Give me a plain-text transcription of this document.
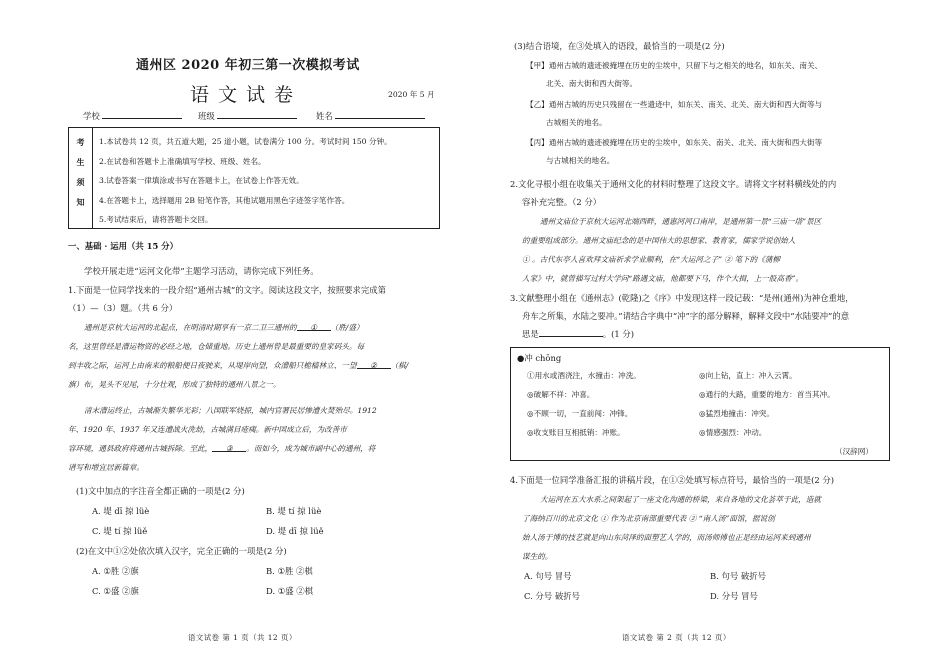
通州区 2020 年初三第一次模拟考试
语文试卷	2020 年 5 月
学校	班级	姓名
考
生
须
知
1.本试卷共 12 页，共五道大题，25 道小题，试卷满分 100 分。考试时间 150 分钟。
2.在试卷和答题卡上准确填写学校、班级、姓名。
3.试卷答案一律填涂或书写在答题卡上，在试卷上作答无效。
4.在答题卡上，选择题用 2B 铅笔作答，其他试题用黑色字迹签字笔作答。
5.考试结束后，请将答题卡交回。
一、基础 · 运用（共 15 分）
学校开展走进“运河文化带”主题学习活动，请你完成下列任务。
1.下面是一位同学找来的一段介绍“通州古城”的文字。阅读这段文字，按照要求完成第
（1）—（3）题。（共 6 分）
通州是京杭大运河的北起点，在明清时期享有一京二卫三通州的 ① （胜/盛）
名，这里曾经是漕运物资的必经之地，仓储重地。历史上通州曾是最重要的皇家码头。每
到丰收之际，运河上由南来的粮船便日夜驶来，从堤岸向望，众漕船只桅樯林立、一望 ② （棋/
旗）布，晃头不见尾，十分壮观，形成了独特的通州八景之一。
清末漕运终止，古城渐失繁华光彩；八国联军烧掠，城内官署民居惨遭火焚殆尽。1912
年、1920 年、1937 年又连遭战火洗劫，古城满目疮痍。新中国成立后，为改善市
容环境，通县政府将通州古城拆除。至此， ③ 。而如今，成为城市副中心的通州，将
谱写和增宜居新篇章。
(1)文中加点的字注音全都正确的一项是(2 分)
A. 堤 dī 掠 lüè	B. 堤 tí 掠 lüè
C. 堤 tí 掠 lüě	D. 堤 dī 掠 lüě
(2)在文中①②处依次填入汉字，完全正确的一项是(2 分)
A. ①胜 ②旗	B. ①胜 ②棋
C. ①盛 ②旗	D. ①盛 ②棋
语文试卷 第 1 页（共 12 页）
(3)结合语境，在③处填入的语段，最恰当的一项是(2 分)
【甲】通州古城的遗迹被掩埋在历史的尘埃中，只留下与之相关的地名，如东关、南关、
北关、南大街和西大街等。
【乙】通州古城的历史只残留在一些遗迹中，如东关、南关、北关、南大街和西大街等与
古城相关的地名。
【丙】通州古城的遗迹被掩埋在历史的尘埃中，如东关、南关、北关、南大街和西大街等
与古城相关的地名。
2.文化寻根小组在收集关于通州文化的材料时整理了这段文字。请将文字材料横线处的内
容补充完整。（2 分）
通州文庙位于京杭大运河北端西畔，通惠河河口南岸，是通州第一景“三庙一塔”景区
的重要组成部分。通州文庙纪念的是中国伟大的思想家、教育家，儒家学说创始人
① 。古代东亭人喜欢拜文庙祈求学业顺利，在“大运河之子” ② 笔下的《蒲柳
人家》中，就曾描写过村大学问“路遇文庙，他都要下马，作个大揖，上一股高香”。
3.文献整理小组在《通州志》(乾隆)之《序》中发现这样一段记载：“是州(通州)为神仓重地，
舟车之所集，水陆之要冲。”请结合字典中“冲”字的部分解释，解释文段中“水陆要冲”的意
思是	。(1 分)
●冲 chōng
①用水或酒浇注，水撞击：冲洗。	◎向上钻，直上：冲入云霄。
◎破解不祥：冲喜。	◎通行的大路，重要的地方：首当其冲。
◎不顾一切，一直前闯：冲锋。	◎猛烈地撞击：冲突。
◎收支账目互相抵销：冲账。	◎情感强烈：冲动。
（汉辞网）
4.下面是一位同学准备汇报的讲稿片段，在①②处填写标点符号，最恰当的一项是(2 分)
大运河在五大水系之间架起了一座文化沟通的桥梁，来自各地的文化荟萃于此，造就
了海纳百川的北京文化 ① 作为北京南部重要代表 ② “南人汤”面馆，据说创
始人汤于博的技艺就是向山东菏泽的面塑艺人学的，而汤师傅也正是经由运河来到通州
谋生的。
A. 句号 冒号	B. 句号 破折号
C. 分号 破折号	D. 分号 冒号
语文试卷 第 2 页（共 12 页）
